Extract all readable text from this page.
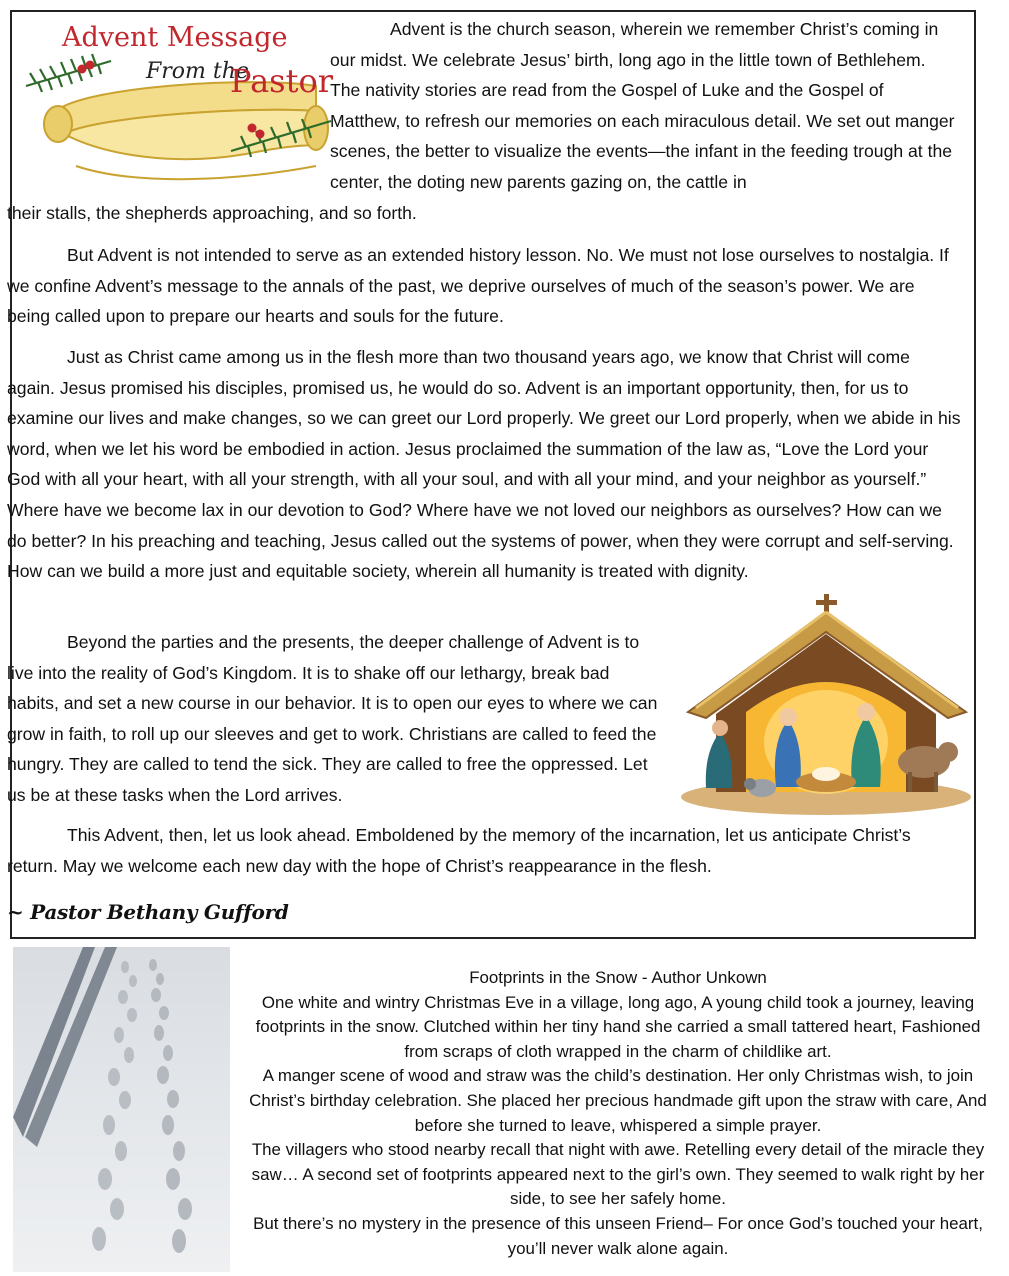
Advent Message
From the
Pastor

Advent is the church season, wherein we remember Christ’s coming in our midst. We celebrate Jesus’ birth, long ago in the little town of Bethlehem. The nativity stories are read from the Gospel of Luke and the Gospel of Matthew, to refresh our memories on each miraculous detail. We set out manger scenes, the better to visualize the events—the infant in the feeding trough at the center, the doting new parents gazing on, the cattle in

their stalls, the shepherds approaching, and so forth.

But Advent is not intended to serve as an extended history lesson. No. We must not lose ourselves to nostalgia. If we confine Advent’s message to the annals of the past, we deprive ourselves of much of the season’s power. We are being called upon to prepare our hearts and souls for the future.

Just as Christ came among us in the flesh more than two thousand years ago, we know that Christ will come again. Jesus promised his disciples, promised us, he would do so. Advent is an important opportunity, then, for us to examine our lives and make changes, so we can greet our Lord properly. We greet our Lord properly, when we abide in his word, when we let his word be embodied in action. Jesus proclaimed the summation of the law as, “Love the Lord your God with all your heart, with all your strength, with all your soul, and with all your mind, and your neighbor as yourself.” Where have we become lax in our devotion to God? Where have we not loved our neighbors as ourselves? How can we do better? In his preaching and teaching, Jesus called out the systems of power, when they were corrupt and self-serving. How can we build a more just and equitable society, wherein all humanity is treated with dignity.

Beyond the parties and the presents, the deeper challenge of Advent is to live into the reality of God’s Kingdom. It is to shake off our lethargy, break bad habits, and set a new course in our behavior. It is to open our eyes to where we can grow in faith, to roll up our sleeves and get to work. Christians are called to feed the hungry. They are called to tend the sick. They are called to free the oppressed. Let us be at these tasks when the Lord arrives.

This Advent, then, let us look ahead. Emboldened by the memory of the incarnation, let us anticipate Christ’s return. May we welcome each new day with the hope of Christ’s reappearance in the flesh.

~ Pastor Bethany Gufford

Footprints in the Snow - Author Unkown

One white and wintry Christmas Eve in a village, long ago, A young child took a journey, leaving footprints in the snow. Clutched within her tiny hand she carried a small tattered heart, Fashioned from scraps of cloth wrapped in the charm of childlike art.

A manger scene of wood and straw was the child’s destination. Her only Christmas wish, to join Christ’s birthday celebration. She placed her precious handmade gift upon the straw with care, And before she turned to leave, whispered a simple prayer.

The villagers who stood nearby recall that night with awe. Retelling every detail of the miracle they saw… A second set of footprints appeared next to the girl’s own. They seemed to walk right by her side, to see her safely home.

But there’s no mystery in the presence of this unseen Friend– For once God’s touched your heart, you’ll never walk alone again.
